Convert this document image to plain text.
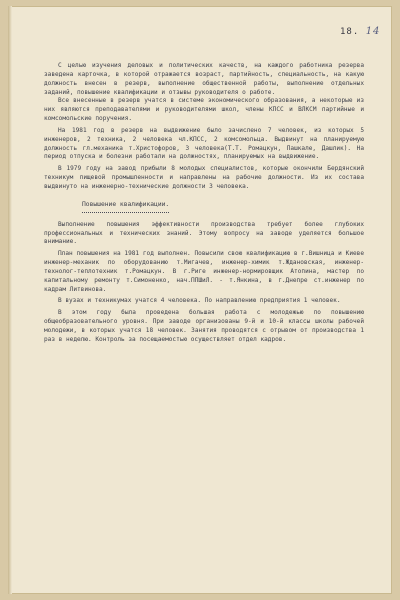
18. 14

С целью изучения деловых и политических качеств, на каждого работника резерва заведена карточка, в которой отражается возраст, партийность, специальность, на какую должность внесен в резерв, выполнение общественной работы, выполнение отдельных заданий, повышение квалификации и отзывы руководителя о работе.

Все внесенные в резерв учатся в системе экономического образования, а некоторые из них являются преподавателями и руководителями школ, члены КПСС и ВЛКСМ партийные и комсомольские поручения.

На 1981 год в резерв на выдвижение было зачислено 7 человек, из которых 5 инженеров, 2 техника, 2 человека чл.КПСС, 2 комсомольца. Выдвинут на планируемую должность гл.механика т.Христофоров, 3 человека(Т.Т. Ромацкун, Пашкале, Дашлик). На период отпуска и болезни работали на должностях, планируемых на выдвижение.

В 1979 году на завод прибыли 8 молодых специалистов, которые окончили Бердянский техникум пищевой промышленности и направлены на рабочие должности. Из их состава выдвинуто на инженерно-технические должности 3 человека.

Повышение квалификации.

Выполнение повышения эффективности производства требует более глубоких профессиональных и технических знаний. Этому вопросу на заводе уделяется большое внимание.

План повышения на 1981 год выполнен. Повысили свою квалификацию в г.Вишница и Киеве инженер-механик по оборудованию т.Мигачев, инженер-химик т.Ждановская, инженер-технолог-теплотехник т.Ромацкун. В г.Риге инженер-нормировщик Атопина, мастер по капитальному ремонту т.Симоненко, нач.ППШиЛ. - т.Янкина, в г.Днепре ст.инженер по кадрам Литвинова.

В вузах и техникумах учатся 4 человека. По направлению предприятия 1 человек.

В этом году была проведена большая работа с молодежью по повышению общеобразовательного уровня. При заводе организованы 9-й и 10-й классы школы рабочей молодежи, в которых учатся 18 человек. Занятия проводятся с отрывом от производства 1 раз в неделю. Контроль за посещаемостью осуществляет отдел кадров.
